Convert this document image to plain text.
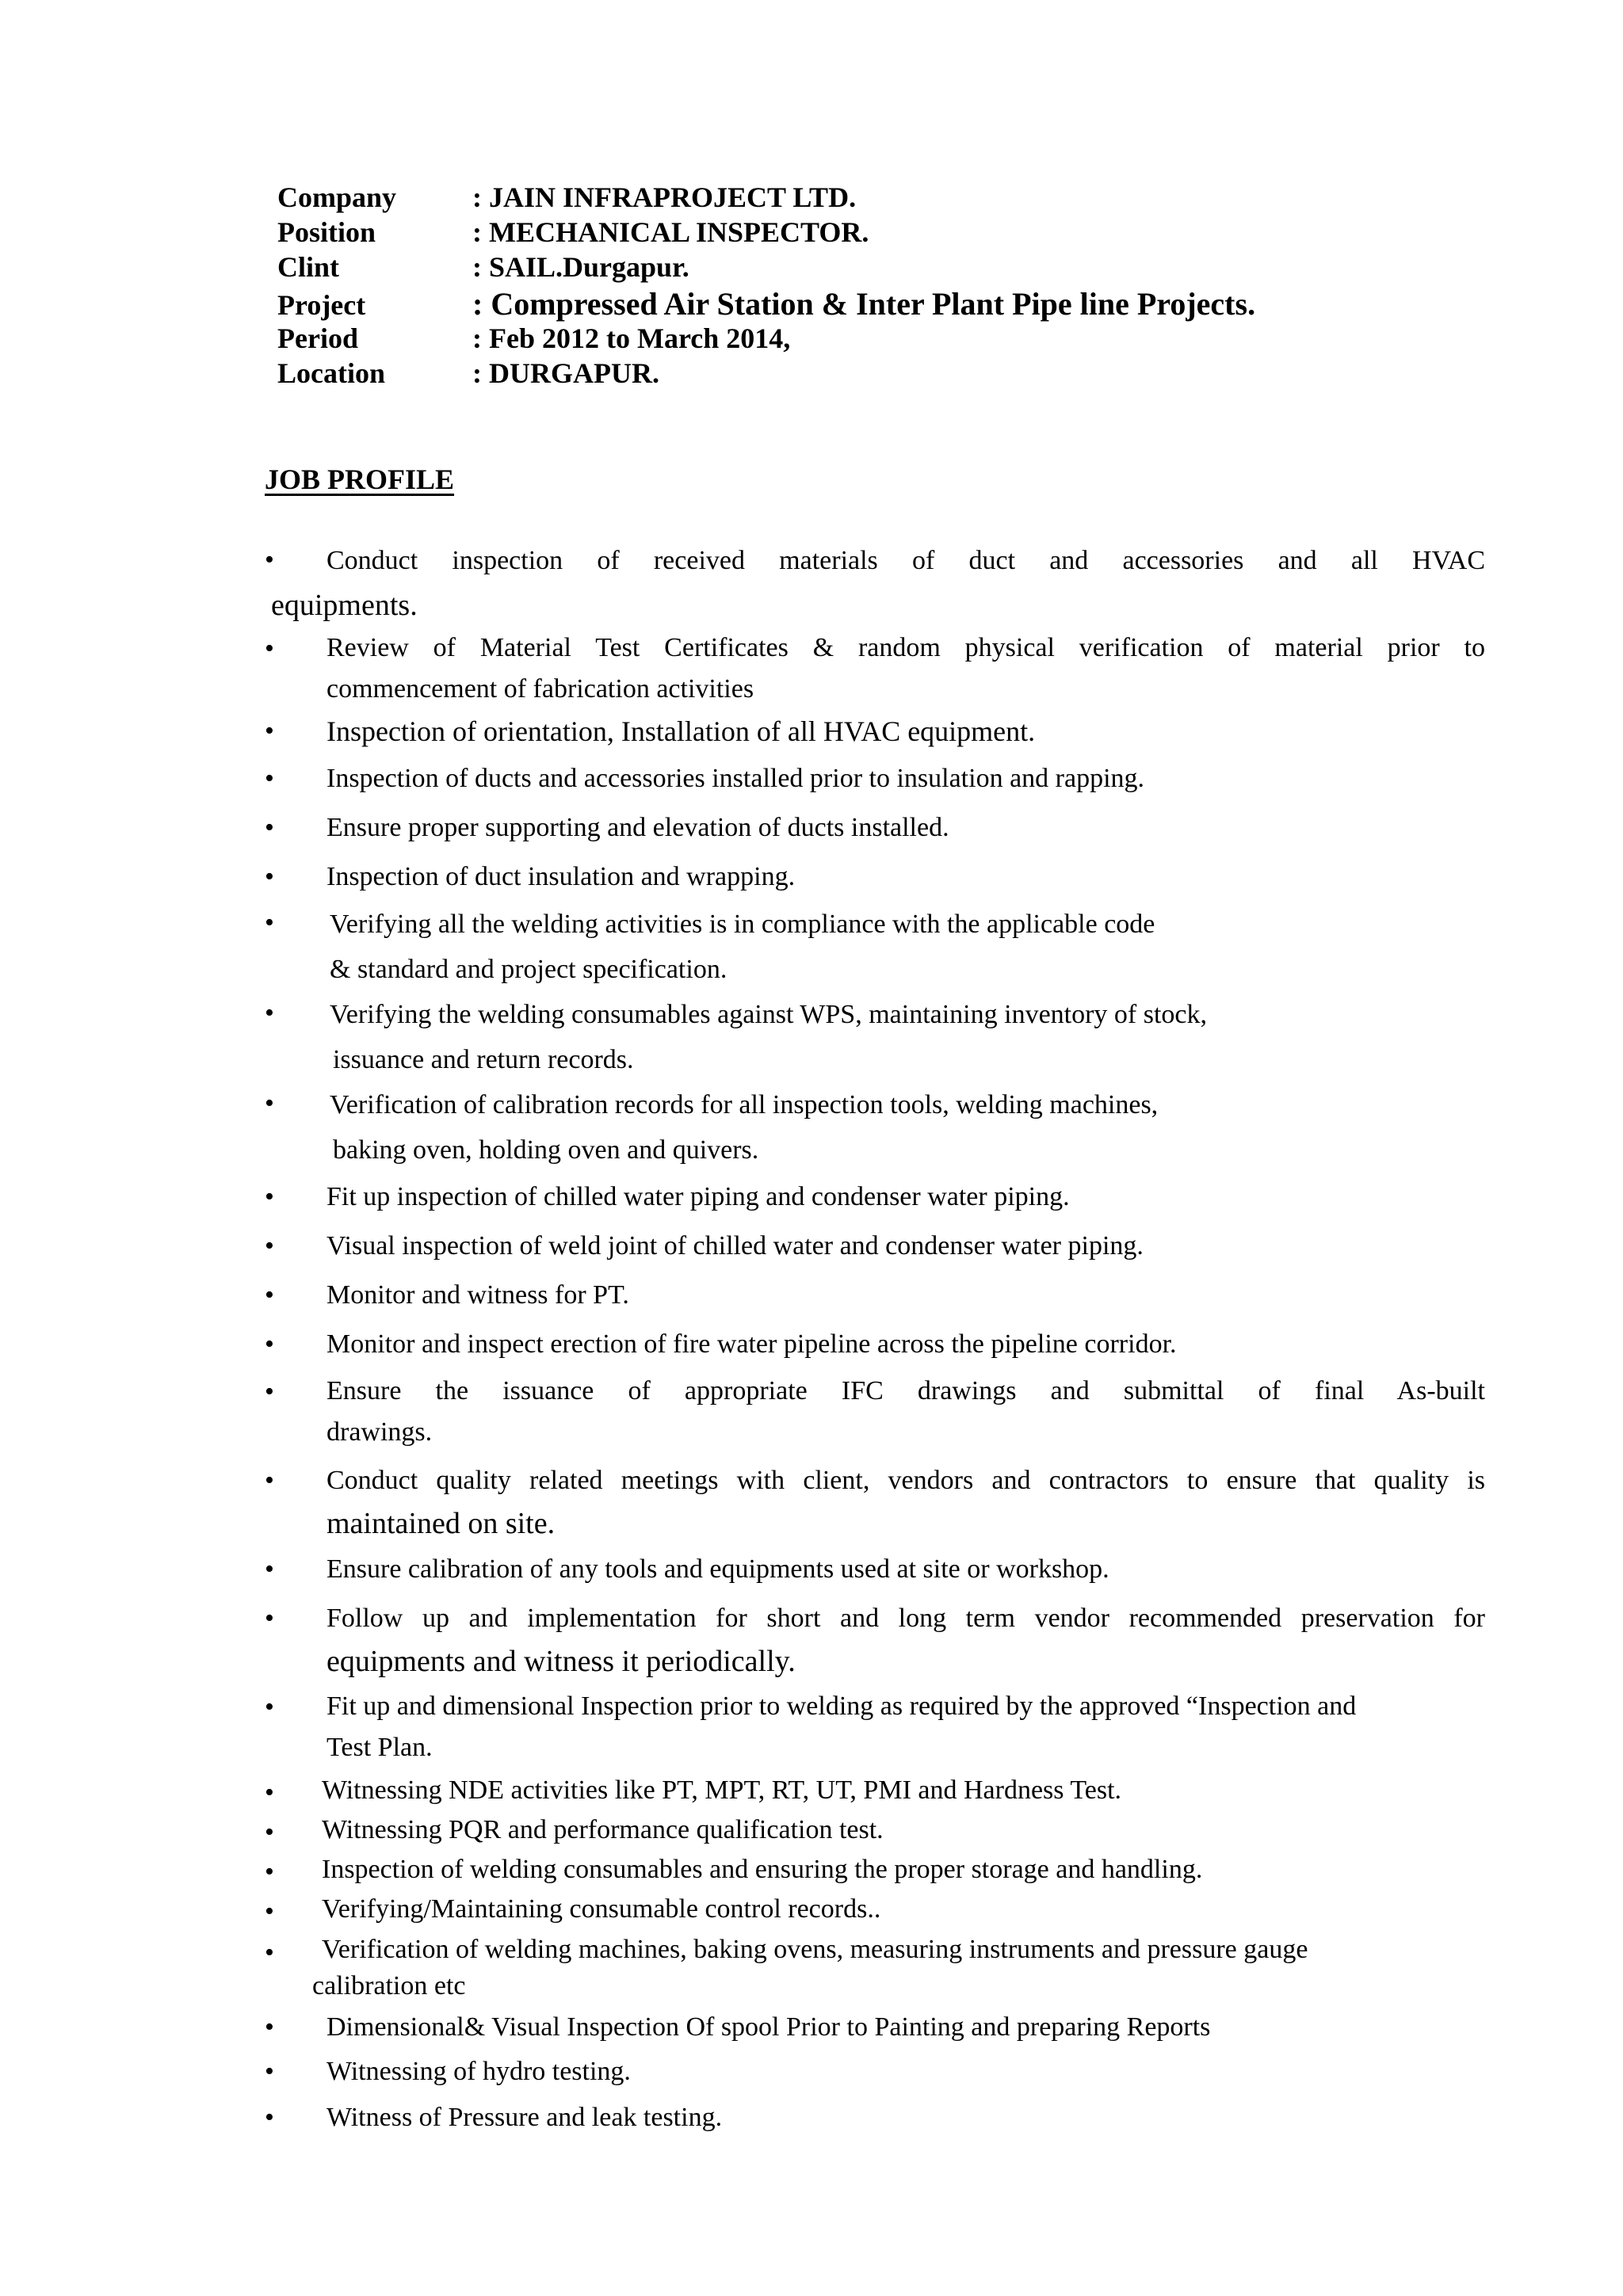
Company	: JAIN INFRAPROJECT LTD.
Position	: MECHANICAL INSPECTOR.
Clint	: SAIL.Durgapur.
Project	: Compressed Air Station & Inter Plant Pipe line Projects.
Period	: Feb 2012 to March 2014,
Location	: DURGAPUR.
JOB PROFILE
• Conduct inspection of received materials of duct and accessories and all HVAC
equipments.
• Review of Material Test Certificates & random physical verification of material prior to
commencement of fabrication activities
• Inspection of orientation, Installation of all HVAC equipment.
• Inspection of ducts and accessories installed prior to insulation and rapping.
• Ensure proper supporting and elevation of ducts installed.
• Inspection of duct insulation and wrapping.
• Verifying all the welding activities is in compliance with the applicable code
& standard and project specification.
• Verifying the welding consumables against WPS, maintaining inventory of stock,
issuance and return records.
• Verification of calibration records for all inspection tools, welding machines,
baking oven, holding oven and quivers.
• Fit up inspection of chilled water piping and condenser water piping.
• Visual inspection of weld joint of chilled water and condenser water piping.
• Monitor and witness for PT.
• Monitor and inspect erection of fire water pipeline across the pipeline corridor.
• Ensure the issuance of appropriate IFC drawings and submittal of final As-built
drawings.
• Conduct quality related meetings with client, vendors and contractors to ensure that quality is
maintained on site.
• Ensure calibration of any tools and equipments used at site or workshop.
• Follow up and implementation for short and long term vendor recommended preservation for
equipments and witness it periodically.
• Fit up and dimensional Inspection prior to welding as required by the approved “Inspection and
Test Plan.
• Witnessing NDE activities like PT, MPT, RT, UT, PMI and Hardness Test.
• Witnessing PQR and performance qualification test.
• Inspection of welding consumables and ensuring the proper storage and handling.
• Verifying/Maintaining consumable control records..
• Verification of welding machines, baking ovens, measuring instruments and pressure gauge
calibration etc
• Dimensional& Visual Inspection Of spool Prior to Painting and preparing Reports
• Witnessing of hydro testing.
• Witness of Pressure and leak testing.
